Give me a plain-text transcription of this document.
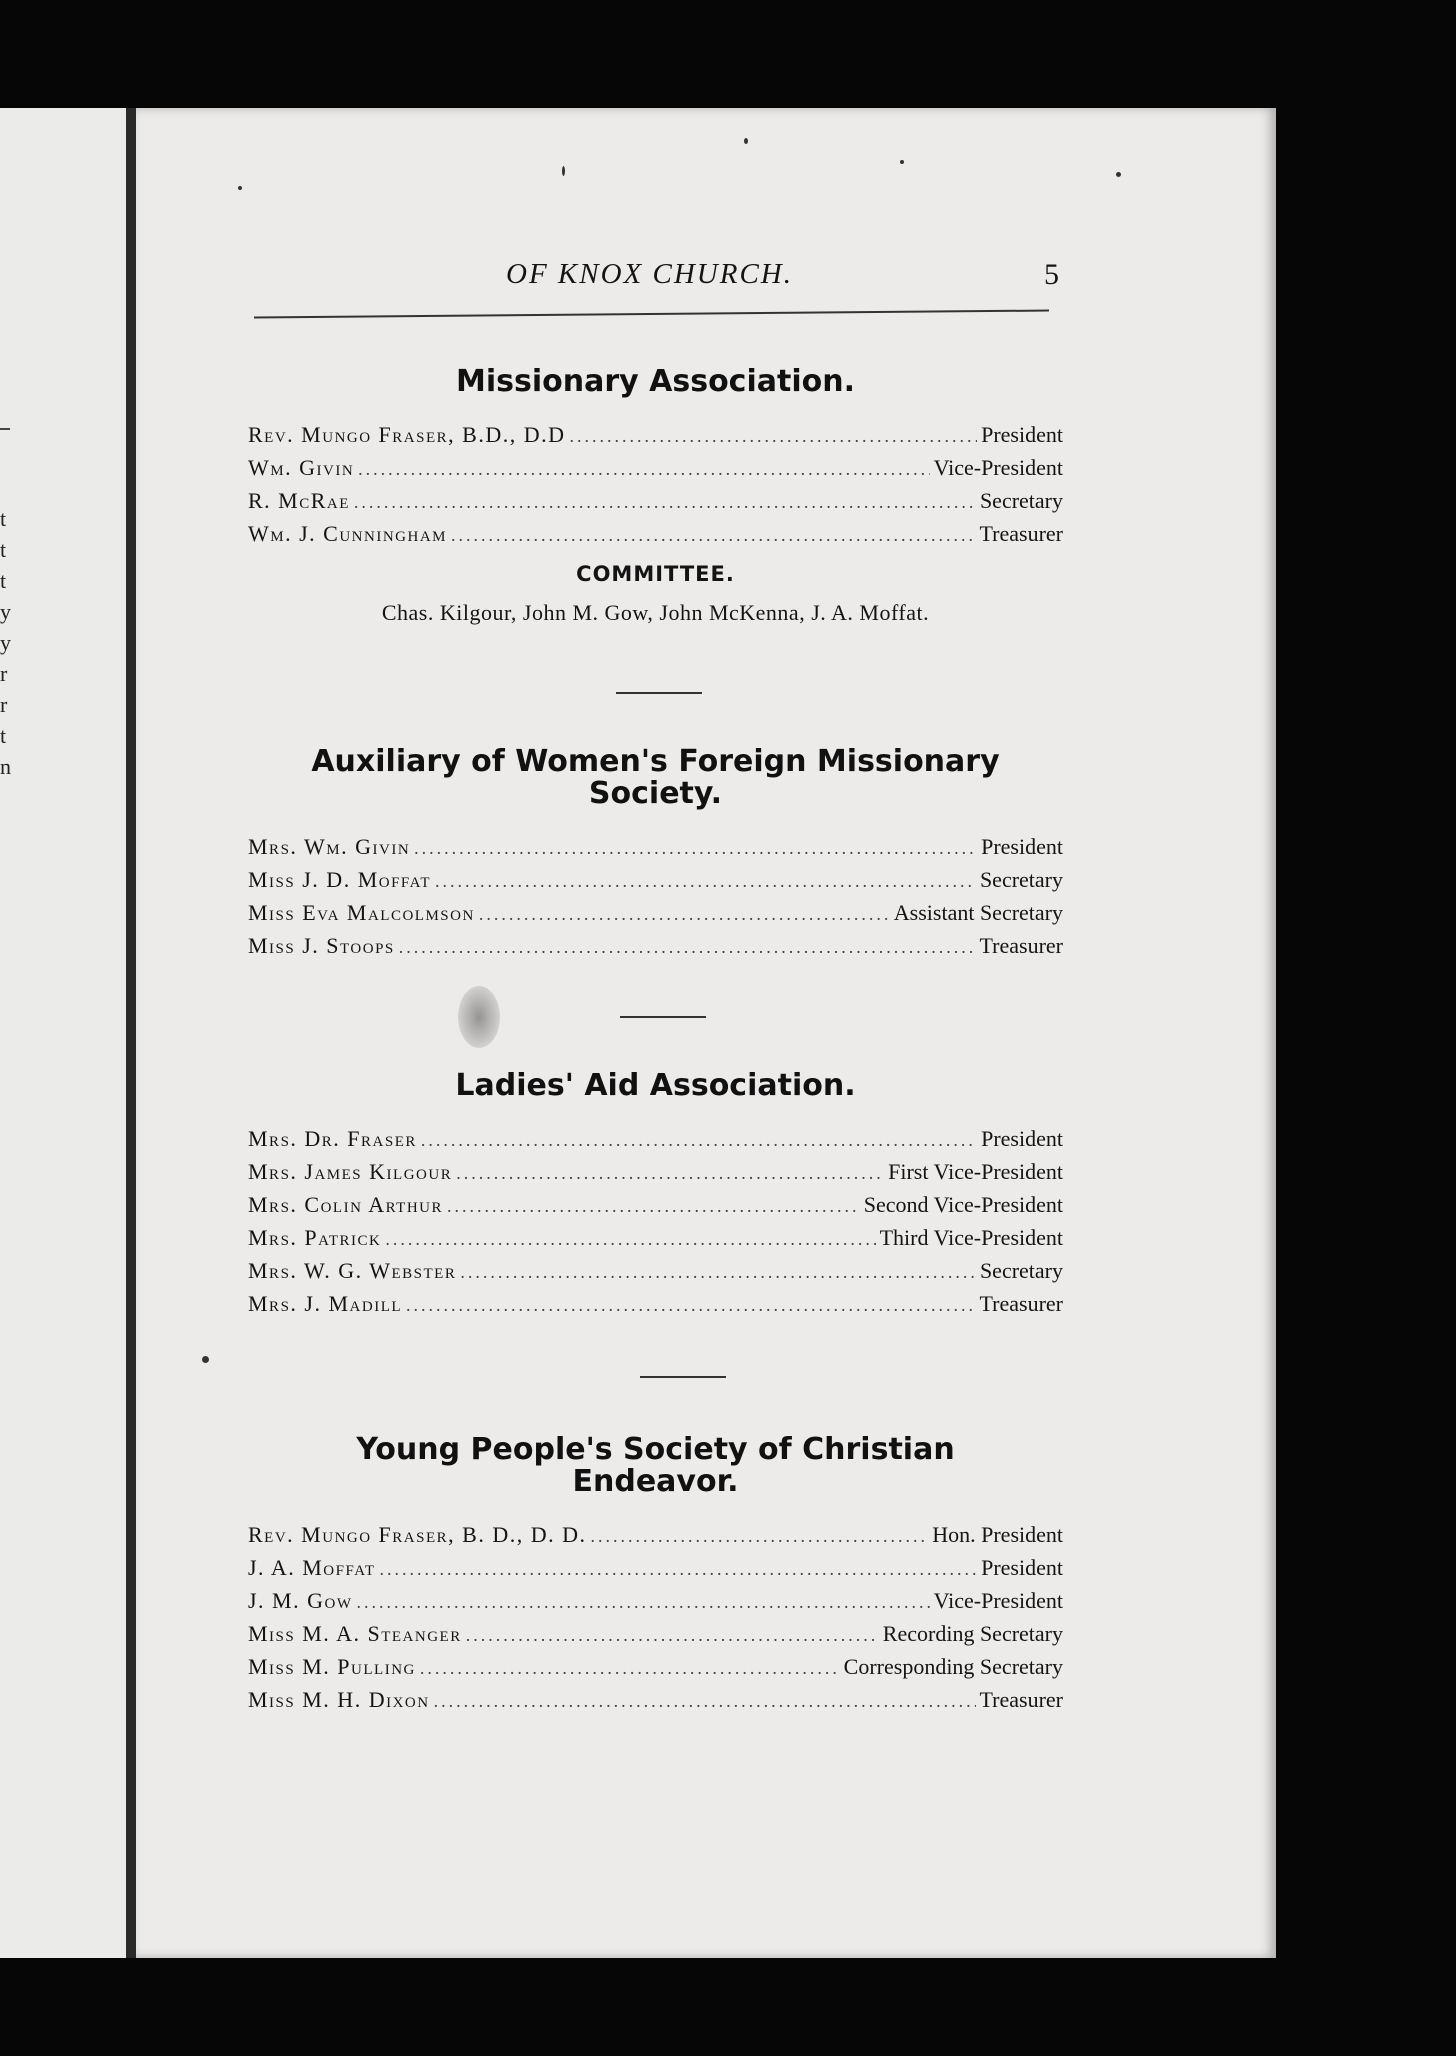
t
t
t
y
y
r
r
t
n
OF KNOX CHURCH.	5
Missionary Association.
Rev. Mungo Fraser, B.D., D.D .....	President
Wm. Givin .....	Vice-President
R. McRae .....	Secretary
Wm. J. Cunningham .....	Treasurer
COMMITTEE.
Chas. Kilgour, John M. Gow, John McKenna, J. A. Moffat.
Auxiliary of Women's Foreign Missionary
Society.
Mrs. Wm. Givin .....	President
Miss J. D. Moffat .....	Secretary
Miss Eva Malcolmson .....	Assistant Secretary
Miss J. Stoops .....	Treasurer
Ladies' Aid Association.
Mrs. Dr. Fraser .....	President
Mrs. James Kilgour .....	First Vice-President
Mrs. Colin Arthur .....	Second Vice-President
Mrs. Patrick .....	Third Vice-President
Mrs. W. G. Webster .....	Secretary
Mrs. J. Madill .....	Treasurer
Young People's Society of Christian
Endeavor.
Rev. Mungo Fraser, B. D., D. D. .....	Hon. President
J. A. Moffat .....	President
J. M. Gow .....	Vice-President
Miss M. A. Steanger .....	Recording Secretary
Miss M. Pulling .....	Corresponding Secretary
Miss M. H. Dixon .....	Treasurer
